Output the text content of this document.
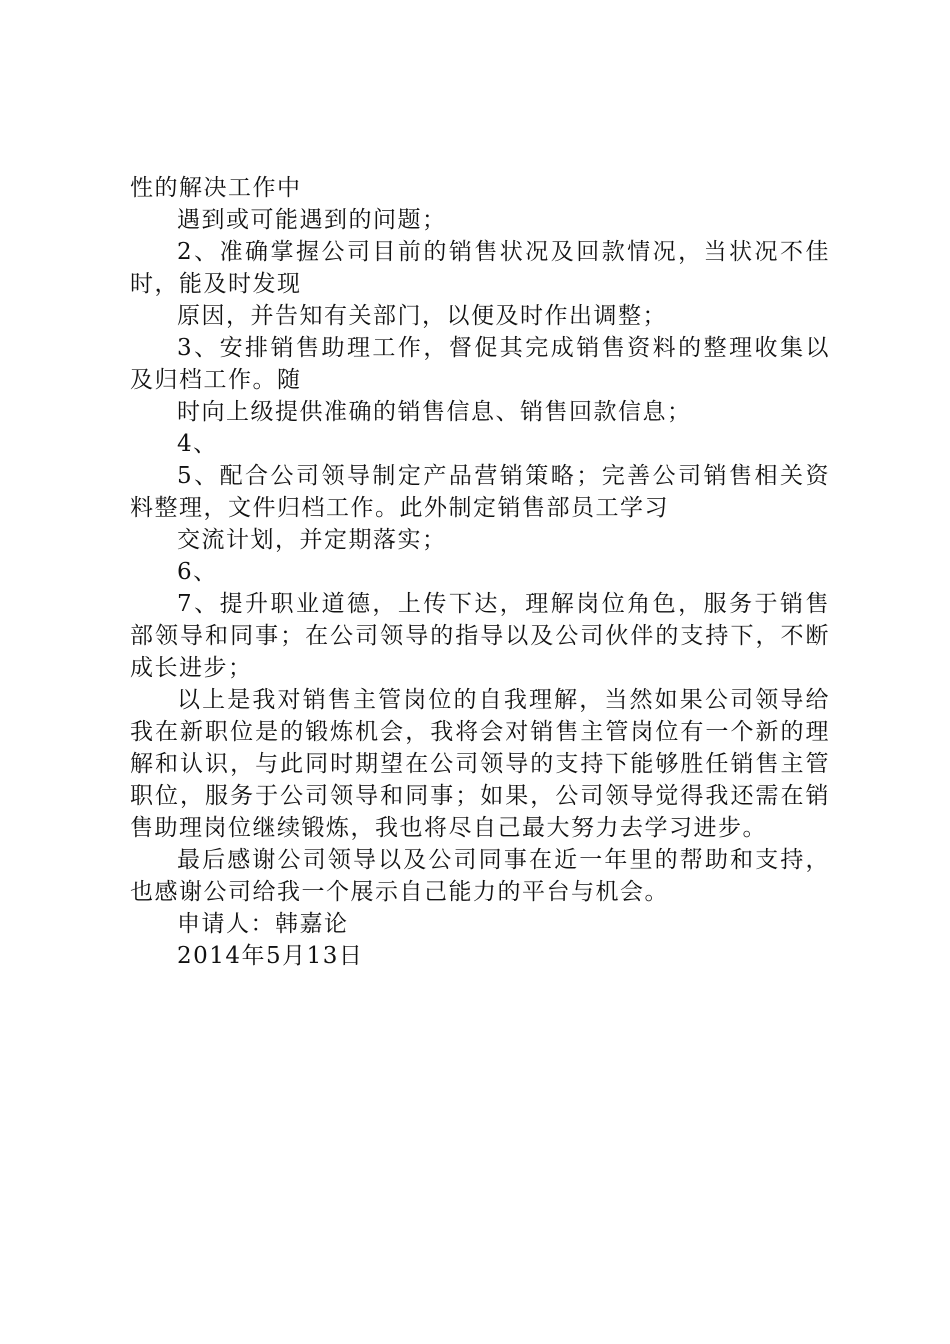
性的解决工作中

遇到或可能遇到的问题；

2、准确掌握公司目前的销售状况及回款情况，当状况不佳时，能及时发现

原因，并告知有关部门，以便及时作出调整；

3、安排销售助理工作，督促其完成销售资料的整理收集以及归档工作。随

时向上级提供准确的销售信息、销售回款信息；

4、

5、配合公司领导制定产品营销策略；完善公司销售相关资料整理，文件归档工作。此外制定销售部员工学习

交流计划，并定期落实；

6、

7、提升职业道德，上传下达，理解岗位角色，服务于销售部领导和同事；在公司领导的指导以及公司伙伴的支持下，不断成长进步；

以上是我对销售主管岗位的自我理解，当然如果公司领导给我在新职位是的锻炼机会，我将会对销售主管岗位有一个新的理解和认识，与此同时期望在公司领导的支持下能够胜任销售主管职位，服务于公司领导和同事；如果，公司领导觉得我还需在销售助理岗位继续锻炼，我也将尽自己最大努力去学习进步。

最后感谢公司领导以及公司同事在近一年里的帮助和支持，也感谢公司给我一个展示自己能力的平台与机会。

申请人：韩嘉论

2014年5月13日
